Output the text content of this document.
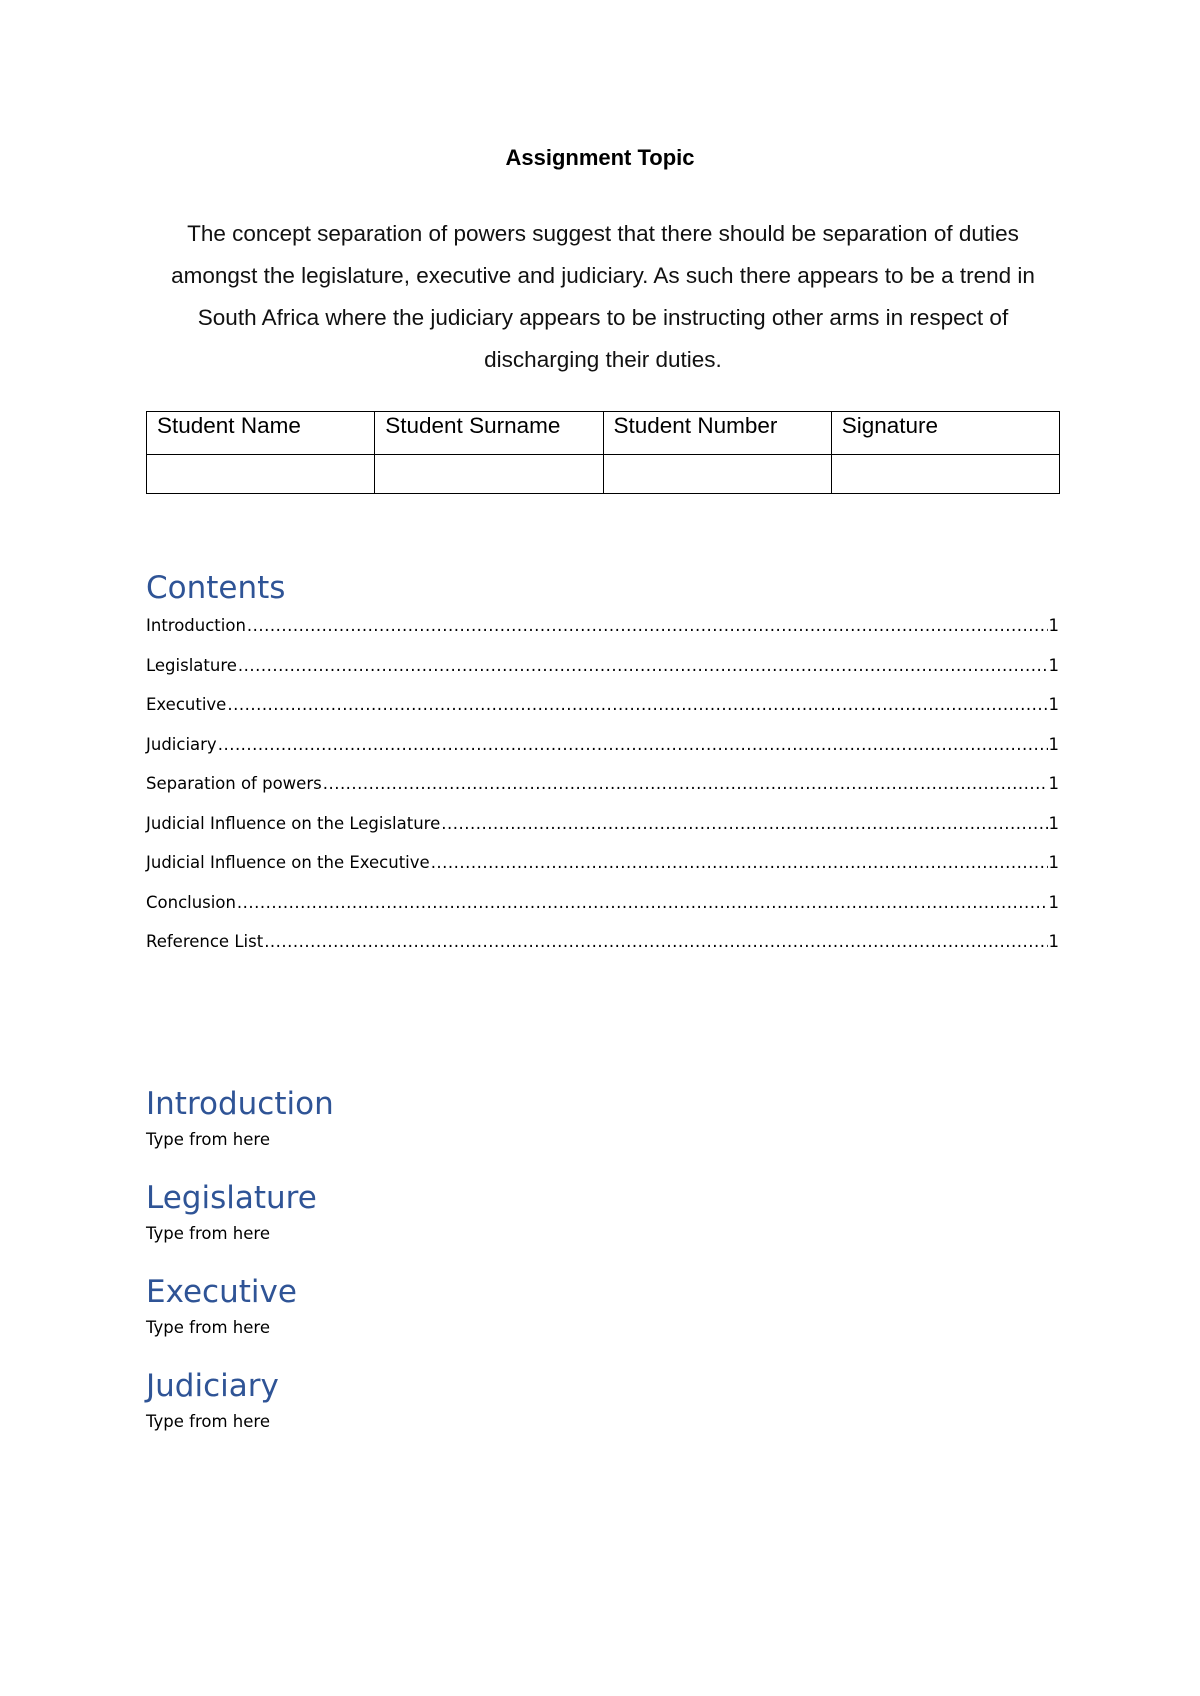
Assignment Topic
The concept separation of powers suggest that there should be separation of duties amongst the legislature, executive and judiciary. As such there appears to be a trend in South Africa where the judiciary appears to be instructing other arms in respect of discharging their duties.
Student Name	Student Surname	Student Number	Signature

Contents
Introduction .....	1
Legislature .....	1
Executive .....	1
Judiciary .....	1
Separation of powers .....	1
Judicial Influence on the Legislature .....	1
Judicial Influence on the Executive .....	1
Conclusion .....	1
Reference List .....	1
Introduction
Type from here
Legislature
Type from here
Executive
Type from here
Judiciary
Type from here
